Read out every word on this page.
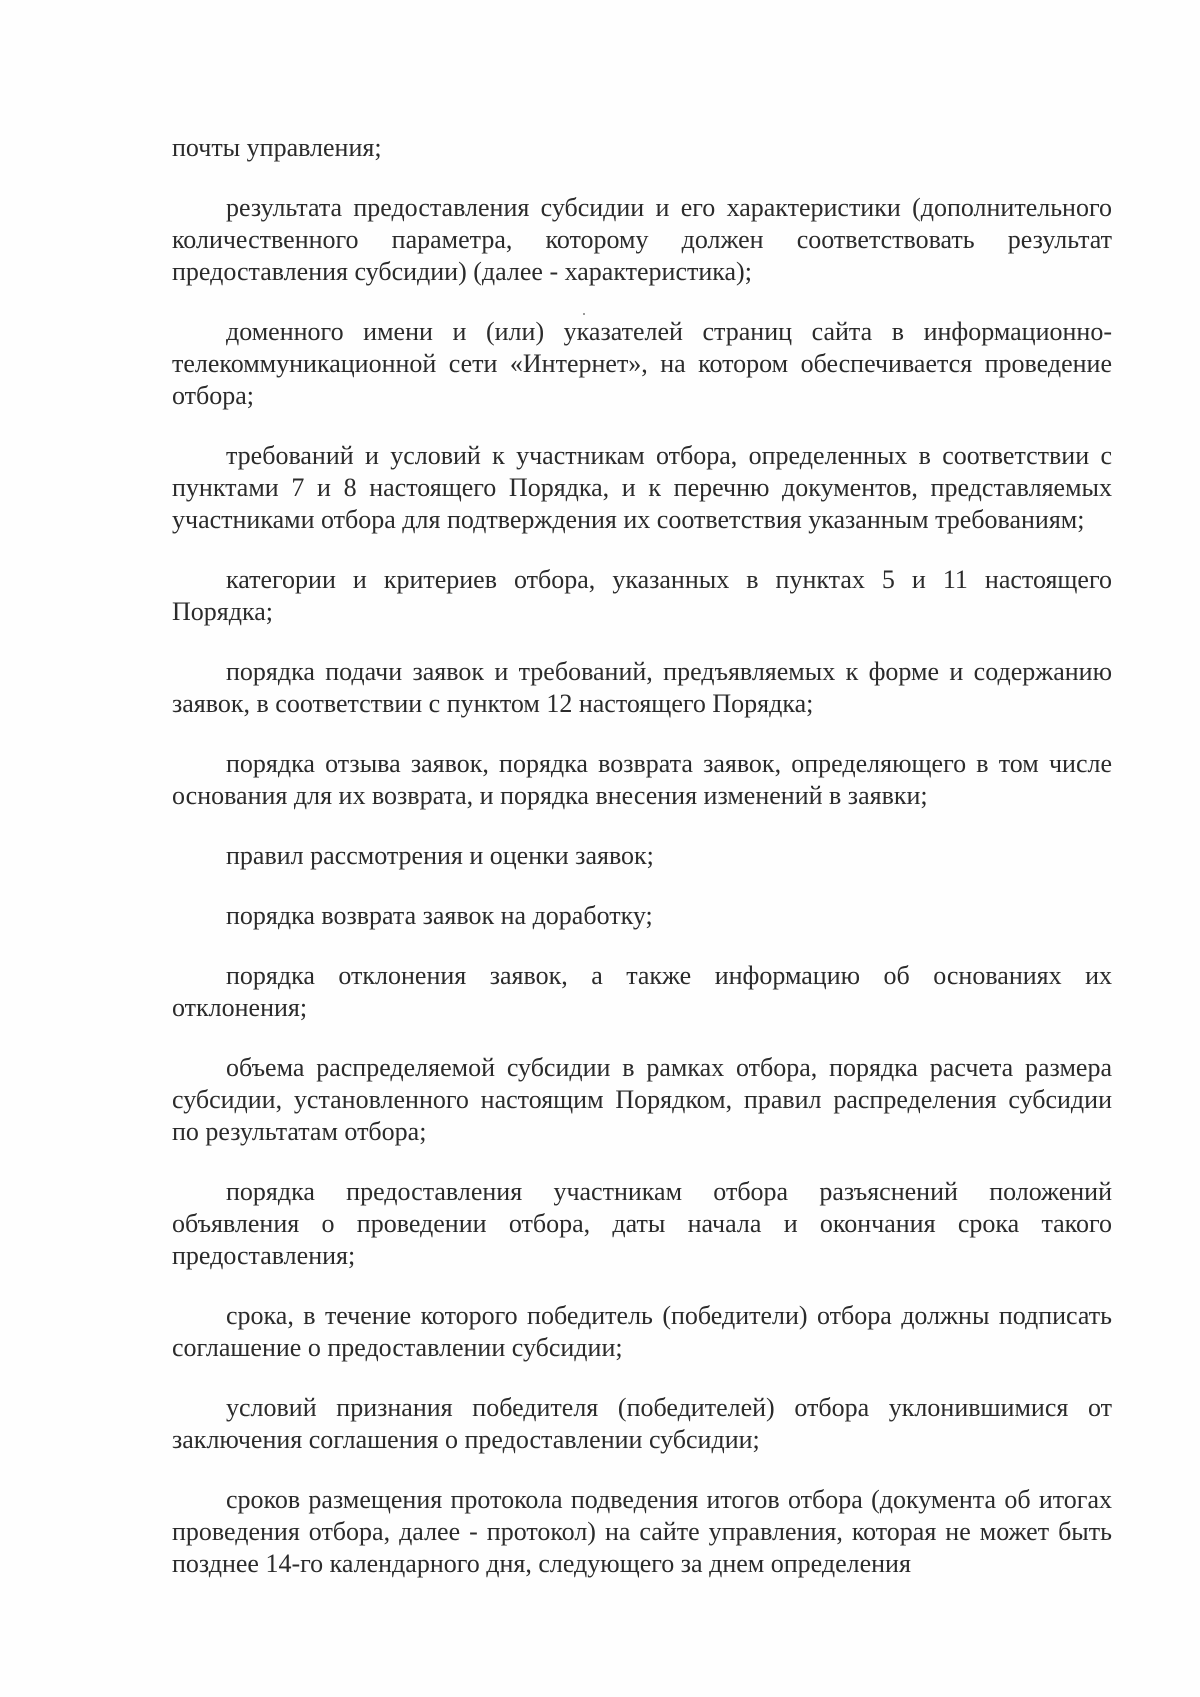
почты управления;

результата предоставления субсидии и его характеристики (дополнительного количественного параметра, которому должен соответствовать результат предоставления субсидии) (далее - характеристика);

доменного имени и (или) указателей страниц сайта в информационно-телекоммуникационной сети «Интернет», на котором обеспечивается проведение отбора;

требований и условий к участникам отбора, определенных в соответствии с пунктами 7 и 8 настоящего Порядка, и к перечню документов, представляемых участниками отбора для подтверждения их соответствия указанным требованиям;

категории и критериев отбора, указанных в пунктах 5 и 11 настоящего Порядка;

порядка подачи заявок и требований, предъявляемых к форме и содержанию заявок, в соответствии с пунктом 12 настоящего Порядка;

порядка отзыва заявок, порядка возврата заявок, определяющего в том числе основания для их возврата, и порядка внесения изменений в заявки;

правил рассмотрения и оценки заявок;

порядка возврата заявок на доработку;

порядка отклонения заявок, а также информацию об основаниях их отклонения;

объема распределяемой субсидии в рамках отбора, порядка расчета размера субсидии, установленного настоящим Порядком, правил распределения субсидии по результатам отбора;

порядка предоставления участникам отбора разъяснений положений объявления о проведении отбора, даты начала и окончания срока такого предоставления;

срока, в течение которого победитель (победители) отбора должны подписать соглашение о предоставлении субсидии;

условий признания победителя (победителей) отбора уклонившимися от заключения соглашения о предоставлении субсидии;

сроков размещения протокола подведения итогов отбора (документа об итогах проведения отбора, далее - протокол) на сайте управления, которая не может быть позднее 14-го календарного дня, следующего за днем определения
